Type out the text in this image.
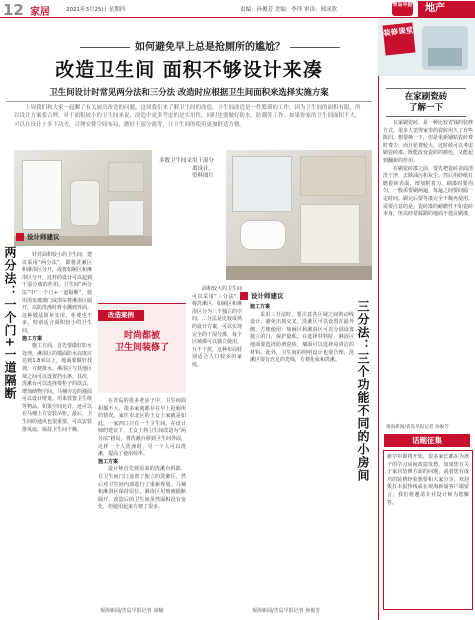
12 家居	2021年3月25日 星期四	责编：孙俊芳 美编：李萍 审读：邢成欣
青岛早报	地产
如何避免早上总是抢厕所的尴尬？
改造卫生间 面积不够设计来凑
卫生间设计时常见两分法和三分法 改造时应根据卫生间面积来选择实施方案
上周我们和大家一起聊了有关厨房改造的问题，这周我们来了解卫生间的改造。卫生间改造是一件繁琐的工作，因为卫生间的面积有限，所以设计方案要合理。对于面积较小的卫生间来说，改造中更多考虑的是实用性，同时也要做好防水、防潮等工作。如果你家的卫生间面积不大，可以在设计上多下功夫，合理安排空间布局，做好干湿分离等，让卫生间的使用更加舒适方便。
多数卫生间采用干湿分离设计。
资料图片
设计师建议
设计师建议
两分法：一个门+一道隔断	三分法：三个功能不同的小房间

针对面积较小的卫生间，建议采用“两分法”，即将洗漱区和淋浴区分开，或将如厕区和淋浴区分开，这样的设计可以起到干湿分离的作用。卫生间“两分法”中“一个门+一道隔断”，使用浴室玻璃门或浴帘将淋浴区隔开，以防洗澡时将水溅到外面。这种做法简单实用，花费也不多，特别适合面积较小的卫生间。

施工方案

施工方面，首先要做好防水处理，淋浴区的墙面防水高度应达到1.8米以上，地面要做好找坡，方便排水。淋浴区与其他区域之间可以设置挡水条。其次，洗漱台可以选择带柜子的款式，增加储物空间。马桶旁边的墙面可以设计壁龛，用来放置卫生纸等物品。如果空间允许，还可以在马桶上方安装吊柜。最后，卫生间的通风也很重要，可以安装排风扇，保持卫生间干燥。

改造案例
时尚都被
卫生间装修了

在青岛的很多老房子中，卫生间面积都不大，很多家庭都存在早上抢厕所的情况。家住市北区的王女士家就是如此，一家四口只有一个卫生间。在设计师的建议下，王女士将卫生间改造为“两分法”格局，将洗漱台移到卫生间外面，这样一个人洗澡时，另一个人可以洗漱，提高了使用效率。

施工方案

设计师首先将原来的洗漱台拆除，在卫生间门口设置了独立的洗漱区，然后对卫生间内部进行了重新规划。马桶和淋浴区保持原位，淋浴区用玻璃隔断隔开。改造后的卫生间虽然面积没有变化，但使用起来方便了很多。

观海新闻/青岛早报记者 刘楠

面积较大的卫生间可以采用“三分法”，将洗漱区、如厕区和淋浴区分为三个独立的空间。三分法是比较成熟的设计方案，可以实现完全的干湿分离，每个区域都可以独立使用，互不干扰。这种布局特别适合人口较多的家庭。

施工方案

采用三分法时，要注意各区域之间的动线设计，避免出现交叉。洗漱区可以设置在最外侧，方便使用；如厕区和淋浴区可以分别设置独立的门，保护隐私。在选择材料时，淋浴区地面要选择防滑瓷砖，墙面可以选择易清洁的材料。此外，卫生间的照明设计也要合理，洗漱区要有充足的光线，方便化妆和洗漱。

观海新闻/青岛早报记者 孙俊芳
装修课堂
在家刷瓷砖
了解一下

在家刷瓷砖，是一种比较省钱的装修方式。很多人觉得家里的瓷砖用久了有些陈旧，想要换一下，但是重新铺贴瓷砖费时费力，而且花费较大。这时候可以考虑刷瓷砖漆，既能改变瓷砖的颜色，又能起到翻新的作用。

在刷瓷砖漆之前，要先把瓷砖表面清洗干净，去除油污和灰尘。然后用砂纸打磨瓷砖表面，增加附着力。刷漆时要均匀，一般需要刷两遍，每遍之间要间隔一定时间。刷完后要等漆完全干燥再使用。需要注意的是，瓷砖漆的耐磨性不如瓷砖本身，所以经常踩踏的地面不建议刷漆。

观海新闻/青岛早报记者 孙俊芳
话题征集
新学年即将开始，很多家长都在为孩子的学习房间改造发愁。如果您有关于家居装修方面的问题，或者您有成功的装修经验想要和大家分享，欢迎拨打本报热线或在观海新闻客户端留言，我们将邀请专业设计师为您解答。
